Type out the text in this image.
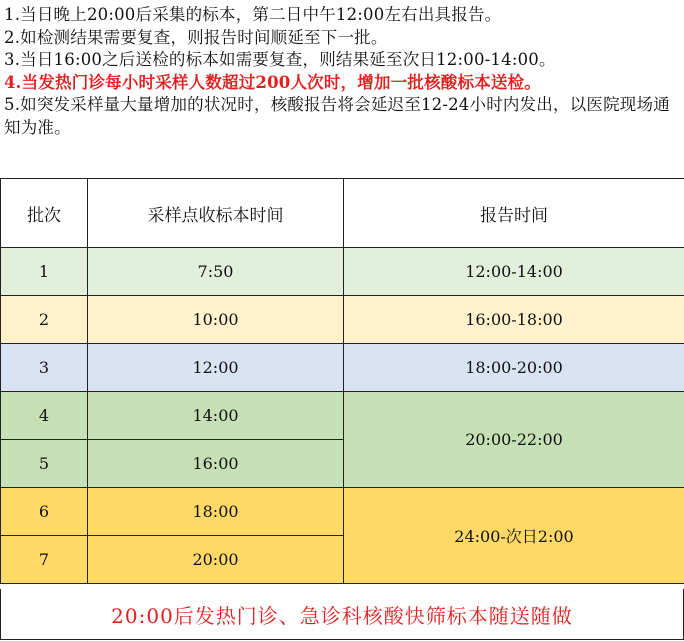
1.当日晚上20:00后采集的标本，第二日中午12:00左右出具报告。

2.如检测结果需要复查，则报告时间顺延至下一批。

3.当日16:00之后送检的标本如需要复查，则结果延至次日12:00-14:00。

4.当发热门诊每小时采样人数超过200人次时，增加一批核酸标本送检。

5.如突发采样量大量增加的状况时，核酸报告将会延迟至12-24小时内发出，以医院现场通知为准。

批次	采样点收标本时间	报告时间
1	7:50	12:00-14:00
2	10:00	16:00-18:00
3	12:00	18:00-20:00
4	14:00	20:00-22:00
5	16:00	
6	18:00	24:00-次日2:00
7	20:00	
20:00后发热门诊、急诊科核酸快筛标本随送随做
